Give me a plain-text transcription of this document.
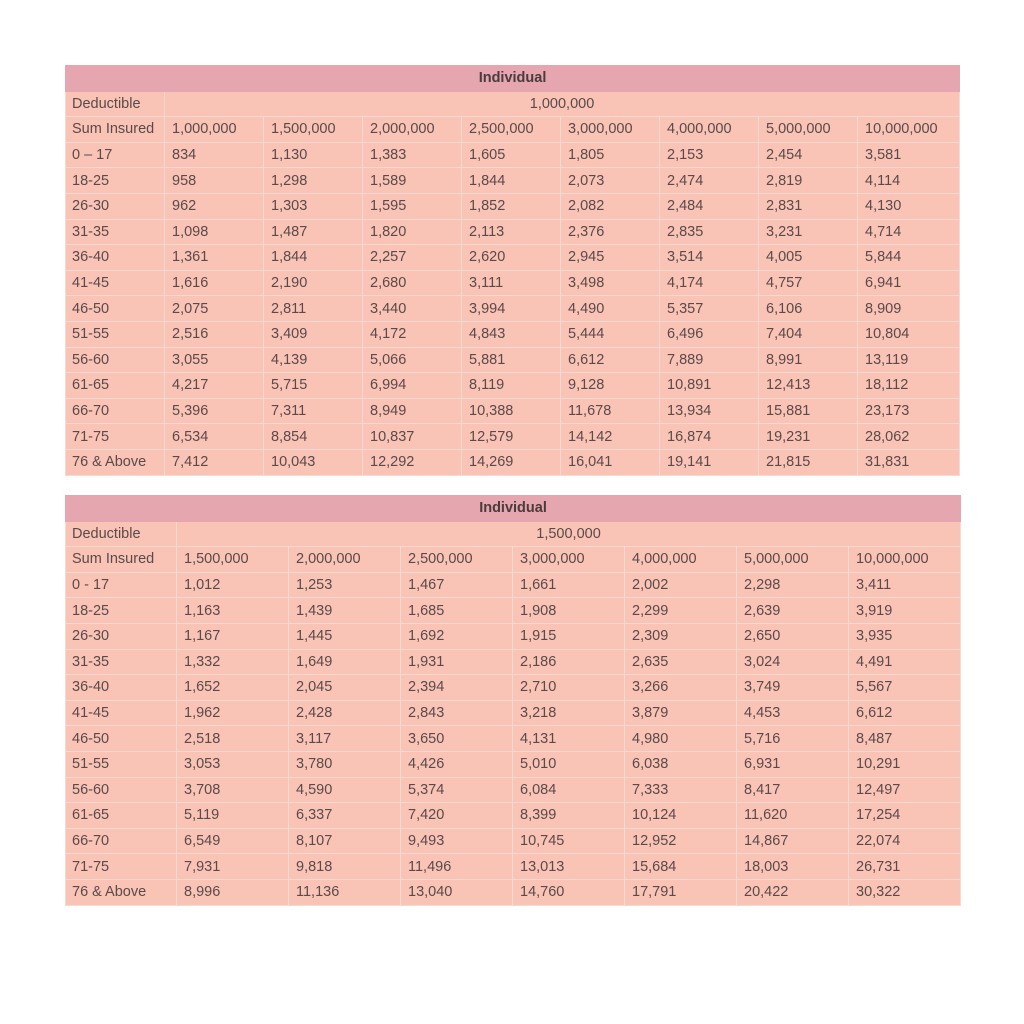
Individual								
Deductible	1,000,000							
Sum Insured	1,000,000	1,500,000	2,000,000	2,500,000	3,000,000	4,000,000	5,000,000	10,000,000
0 – 17	834	1,130	1,383	1,605	1,805	2,153	2,454	3,581
18-25	958	1,298	1,589	1,844	2,073	2,474	2,819	4,114
26-30	962	1,303	1,595	1,852	2,082	2,484	2,831	4,130
31-35	1,098	1,487	1,820	2,113	2,376	2,835	3,231	4,714
36-40	1,361	1,844	2,257	2,620	2,945	3,514	4,005	5,844
41-45	1,616	2,190	2,680	3,111	3,498	4,174	4,757	6,941
46-50	2,075	2,811	3,440	3,994	4,490	5,357	6,106	8,909
51-55	2,516	3,409	4,172	4,843	5,444	6,496	7,404	10,804
56-60	3,055	4,139	5,066	5,881	6,612	7,889	8,991	13,119
61-65	4,217	5,715	6,994	8,119	9,128	10,891	12,413	18,112
66-70	5,396	7,311	8,949	10,388	11,678	13,934	15,881	23,173
71-75	6,534	8,854	10,837	12,579	14,142	16,874	19,231	28,062
76 & Above	7,412	10,043	12,292	14,269	16,041	19,141	21,815	31,831
Individual							
Deductible	1,500,000						
Sum Insured	1,500,000	2,000,000	2,500,000	3,000,000	4,000,000	5,000,000	10,000,000
0 - 17	1,012	1,253	1,467	1,661	2,002	2,298	3,411
18-25	1,163	1,439	1,685	1,908	2,299	2,639	3,919
26-30	1,167	1,445	1,692	1,915	2,309	2,650	3,935
31-35	1,332	1,649	1,931	2,186	2,635	3,024	4,491
36-40	1,652	2,045	2,394	2,710	3,266	3,749	5,567
41-45	1,962	2,428	2,843	3,218	3,879	4,453	6,612
46-50	2,518	3,117	3,650	4,131	4,980	5,716	8,487
51-55	3,053	3,780	4,426	5,010	6,038	6,931	10,291
56-60	3,708	4,590	5,374	6,084	7,333	8,417	12,497
61-65	5,119	6,337	7,420	8,399	10,124	11,620	17,254
66-70	6,549	8,107	9,493	10,745	12,952	14,867	22,074
71-75	7,931	9,818	11,496	13,013	15,684	18,003	26,731
76 & Above	8,996	11,136	13,040	14,760	17,791	20,422	30,322
